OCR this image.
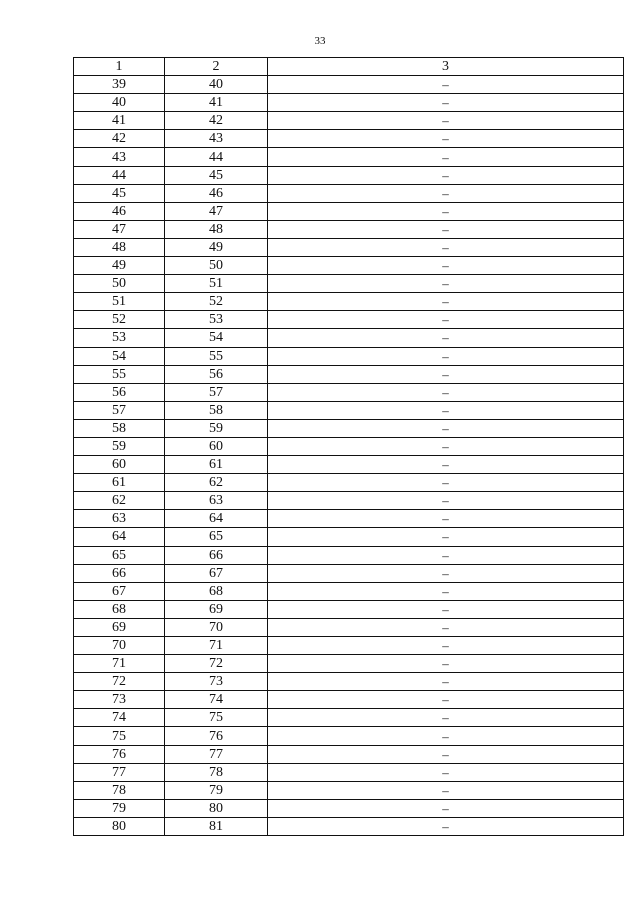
33
1	2	3
39	40	–
40	41	–
41	42	–
42	43	–
43	44	–
44	45	–
45	46	–
46	47	–
47	48	–
48	49	–
49	50	–
50	51	–
51	52	–
52	53	–
53	54	–
54	55	–
55	56	–
56	57	–
57	58	–
58	59	–
59	60	–
60	61	–
61	62	–
62	63	–
63	64	–
64	65	–
65	66	–
66	67	–
67	68	–
68	69	–
69	70	–
70	71	–
71	72	–
72	73	–
73	74	–
74	75	–
75	76	–
76	77	–
77	78	–
78	79	–
79	80	–
80	81	–
